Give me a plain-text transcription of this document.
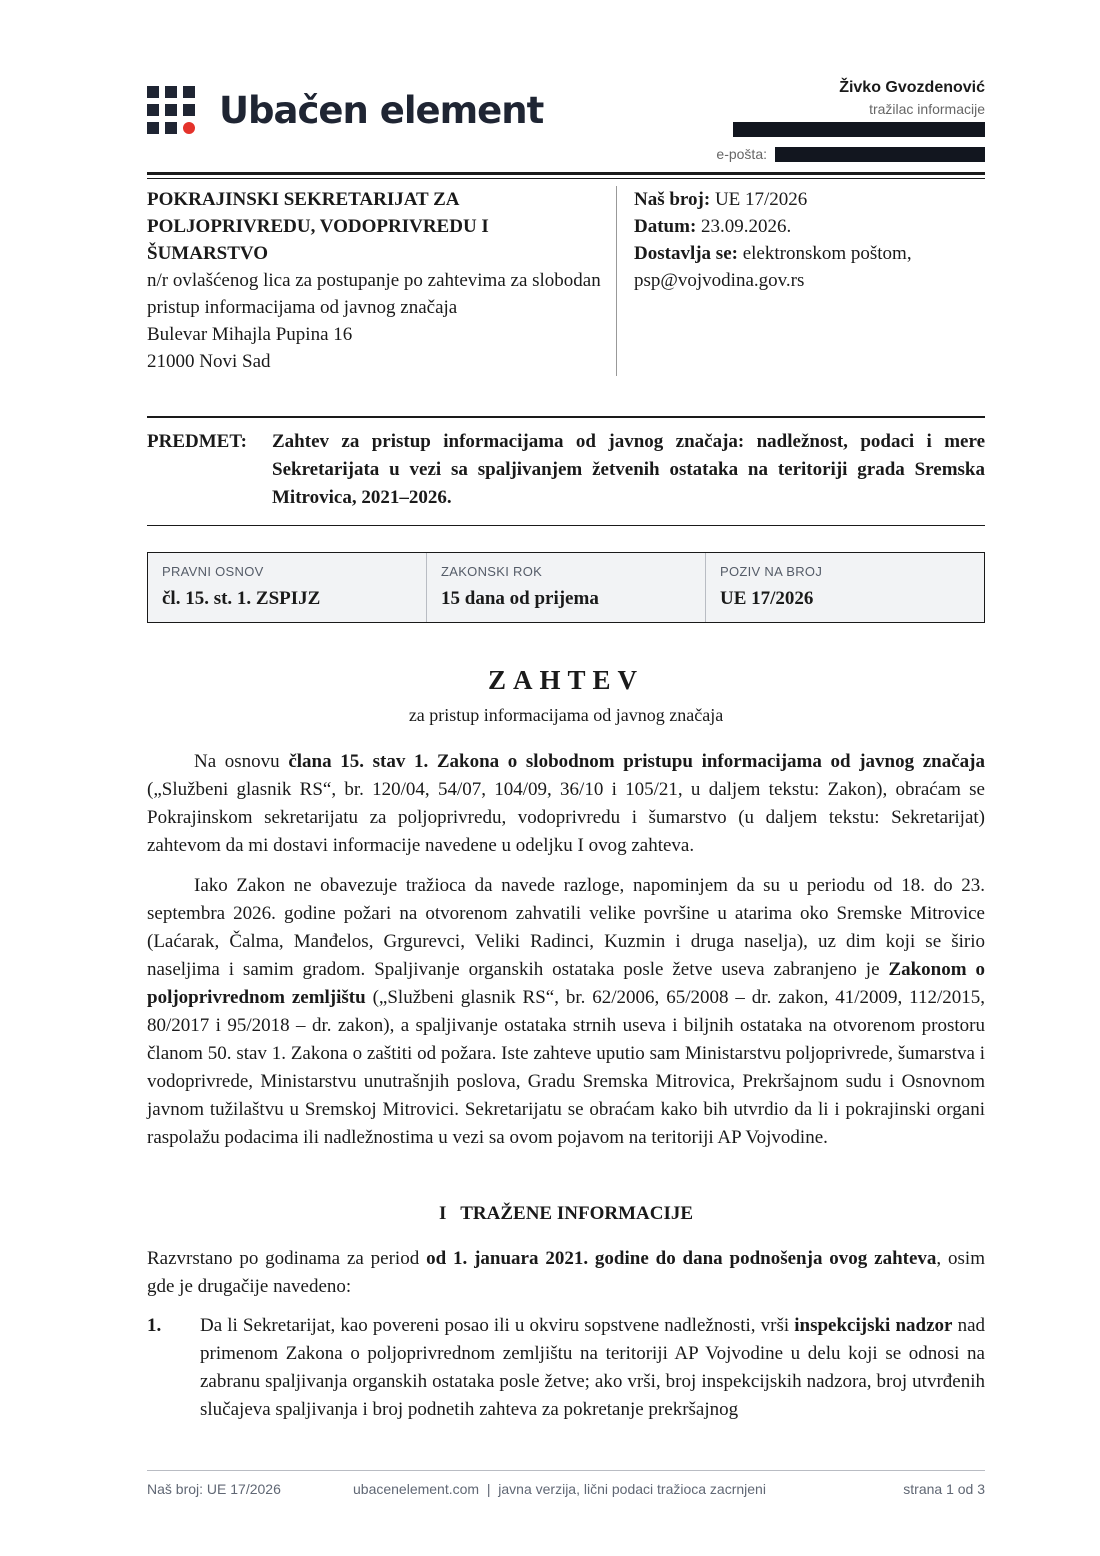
Ubačen element
Živko Gvozdenović
tražilac informacije
e-pošta:
POKRAJINSKI SEKRETARIJAT ZA
POLJOPRIVREDU, VODOPRIVREDU I
ŠUMARSTVO
n/r ovlašćenog lica za postupanje po zahtevima za slobodan pristup informacijama od javnog značaja
Bulevar Mihajla Pupina 16
21000 Novi Sad
Naš broj: UE 17/2026
Datum: 23.09.2026.
Dostavlja se: elektronskom poštom, psp@vojvodina.gov.rs
PREDMET:	Zahtev za pristup informacijama od javnog značaja: nadležnost, podaci i mere Sekretarijata u vezi sa spaljivanjem žetvenih ostataka na teritoriji grada Sremska Mitrovica, 2021–2026.
PRAVNI OSNOV
čl. 15. st. 1. ZSPIJZ
ZAKONSKI ROK
15 dana od prijema
POZIV NA BROJ
UE 17/2026
ZAHTEV
za pristup informacijama od javnog značaja

Na osnovu člana 15. stav 1. Zakona o slobodnom pristupu informacijama od javnog značaja („Službeni glasnik RS“, br. 120/04, 54/07, 104/09, 36/10 i 105/21, u daljem tekstu: Zakon), obraćam se Pokrajinskom sekretarijatu za poljoprivredu, vodoprivredu i šumarstvo (u daljem tekstu: Sekretarijat) zahtevom da mi dostavi informacije navedene u odeljku I ovog zahteva.

Iako Zakon ne obavezuje tražioca da navede razloge, napominjem da su u periodu od 18. do 23. septembra 2026. godine požari na otvorenom zahvatili velike površine u atarima oko Sremske Mitrovice (Laćarak, Čalma, Manđelos, Grgurevci, Veliki Radinci, Kuzmin i druga naselja), uz dim koji se širio naseljima i samim gradom. Spaljivanje organskih ostataka posle žetve useva zabranjeno je Zakonom o poljoprivrednom zemljištu („Službeni glasnik RS“, br. 62/2006, 65/2008 – dr. zakon, 41/2009, 112/2015, 80/2017 i 95/2018 – dr. zakon), a spaljivanje ostataka strnih useva i biljnih ostataka na otvorenom prostoru članom 50. stav 1. Zakona o zaštiti od požara. Iste zahteve uputio sam Ministarstvu poljoprivrede, šumarstva i vodoprivrede, Ministarstvu unutrašnjih poslova, Gradu Sremska Mitrovica, Prekršajnom sudu i Osnovnom javnom tužilaštvu u Sremskoj Mitrovici. Sekretarijatu se obraćam kako bih utvrdio da li i pokrajinski organi raspolažu podacima ili nadležnostima u vezi sa ovom pojavom na teritoriji AP Vojvodine.

I   TRAŽENE INFORMACIJE

Razvrstano po godinama za period od 1. januara 2021. godine do dana podnošenja ovog zahteva, osim gde je drugačije navedeno:

1.	Da li Sekretarijat, kao povereni posao ili u okviru sopstvene nadležnosti, vrši inspekcijski nadzor nad primenom Zakona o poljoprivrednom zemljištu na teritoriji AP Vojvodine u delu koji se odnosi na zabranu spaljivanja organskih ostataka posle žetve; ako vrši, broj inspekcijskih nadzora, broj utvrđenih slučajeva spaljivanja i broj podnetih zahteva za pokretanje prekršajnog
Naš broj: UE 17/2026	ubacenelement.com  |  javna verzija, lični podaci tražioca zacrnjeni	strana 1 od 3
